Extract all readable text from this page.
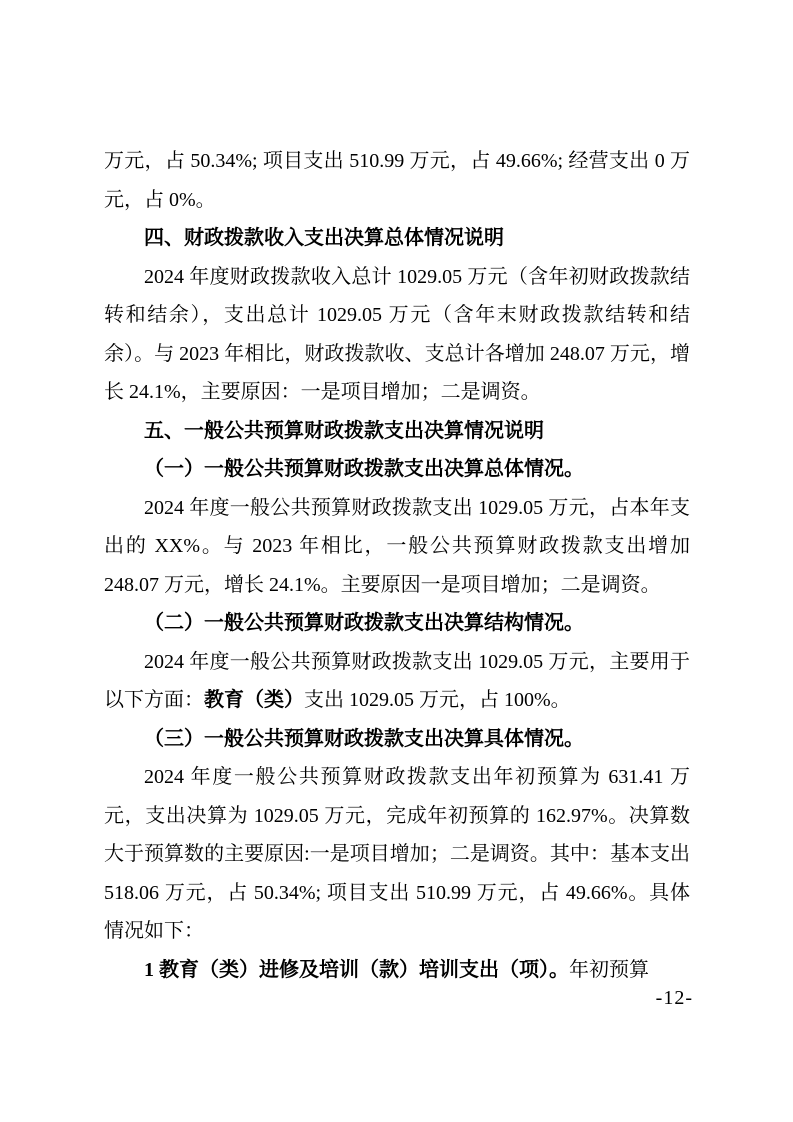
万元，占 50.34%; 项目支出 510.99 万元，占 49.66%; 经营支出 0 万元，占 0%。

四、财政拨款收入支出决算总体情况说明

2024 年度财政拨款收入总计 1029.05 万元（含年初财政拨款结转和结余），支出总计 1029.05 万元（含年末财政拨款结转和结余）。与 2023 年相比，财政拨款收、支总计各增加 248.07 万元，增长 24.1%，主要原因：一是项目增加；二是调资。

五、一般公共预算财政拨款支出决算情况说明

（一）一般公共预算财政拨款支出决算总体情况。

2024 年度一般公共预算财政拨款支出 1029.05 万元，占本年支出的 XX%。与 2023 年相比，一般公共预算财政拨款支出增加 248.07 万元，增长 24.1%。主要原因一是项目增加；二是调资。

（二）一般公共预算财政拨款支出决算结构情况。

2024 年度一般公共预算财政拨款支出 1029.05 万元，主要用于以下方面：教育（类）支出 1029.05 万元，占 100%。

（三）一般公共预算财政拨款支出决算具体情况。

2024 年度一般公共预算财政拨款支出年初预算为 631.41 万元，支出决算为 1029.05 万元，完成年初预算的 162.97%。决算数大于预算数的主要原因:一是项目增加；二是调资。其中：基本支出 518.06 万元，占 50.34%; 项目支出 510.99 万元，占 49.66%。具体情况如下：

1 教育（类）进修及培训（款）培训支出（项）。年初预算

-12-
